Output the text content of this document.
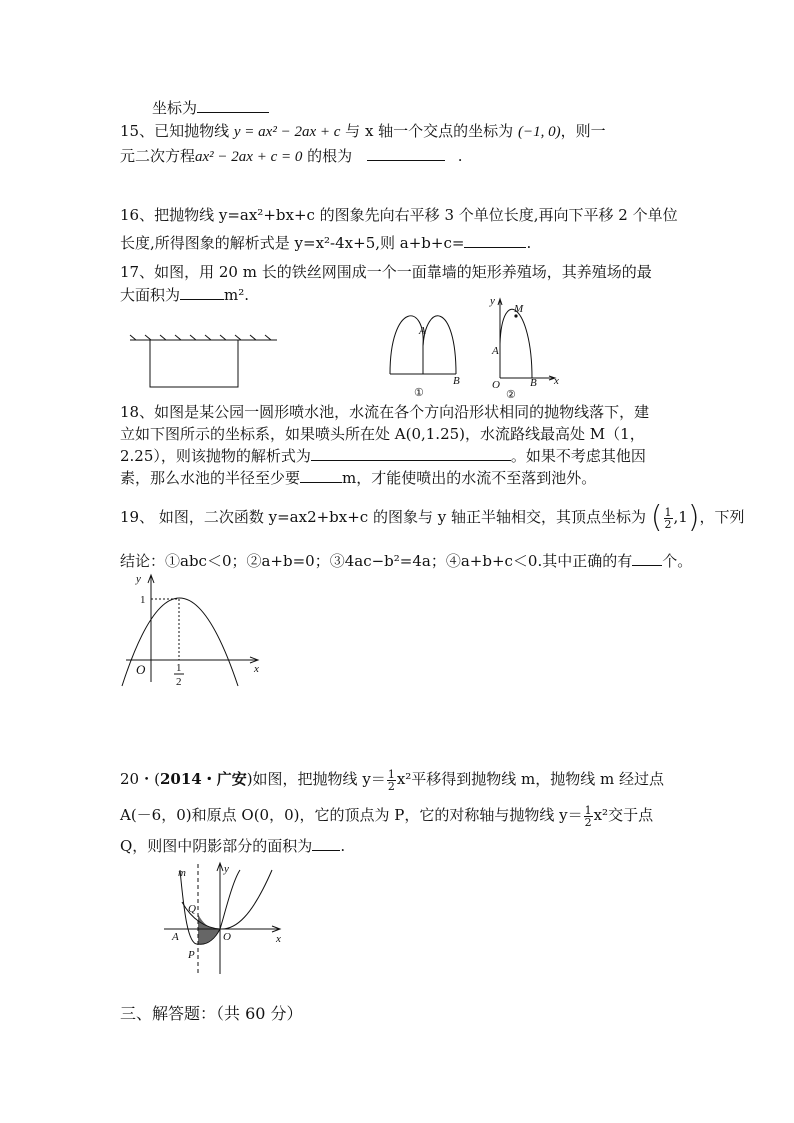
坐标为
15、已知抛物线 y = ax² − 2ax + c 与 x 轴一个交点的坐标为 (−1, 0)，则一
元二次方程ax² − 2ax + c = 0 的根为	.
16、把抛物线 y=ax²+bx+c 的图象先向右平移 3 个单位长度,再向下平移 2 个单位
长度,所得图象的解析式是 y=x²-4x+5,则 a+b+c=	.
17、如图，用 20 m 长的铁丝网围成一个一面靠墙的矩形养殖场，其养殖场的最
大面积为	m².
A
B
①
y
M
A
O	B x
②
18、如图是某公园一圆形喷水池，水流在各个方向沿形状相同的抛物线落下，建
立如下图所示的坐标系，如果喷头所在处 A(0,1.25)，水流路线最高处 M（1，
2.25），则该抛物的解析式为	。如果不考虑其他因
素，那么水池的半径至少要	m，才能使喷出的水流不至落到池外。
19、 如图，二次函数 y=ax2+bx+c 的图象与 y 轴正半轴相交，其顶点坐标为 ( $\frac{1}{2} ,1$)，下列
结论：①abc＜0；②a+b=0；③4ac−b²=4a；④a+b+c＜0.其中正确的有 个。
y
x
O
1
1
2
20・(2014・广安)如图，把抛物线 $y= \frac{1}{2} x^2$平移得到抛物线 m，抛物线 m 经过点
A(－6，0)和原点 O(0，0)，它的顶点为 P，它的对称轴与抛物线 $y= \frac{1}{2} x^2$交于点
Q，则图中阴影部分的面积为 .
m	y
Q
A	O	x
P
三、解答题：（共 60 分）
